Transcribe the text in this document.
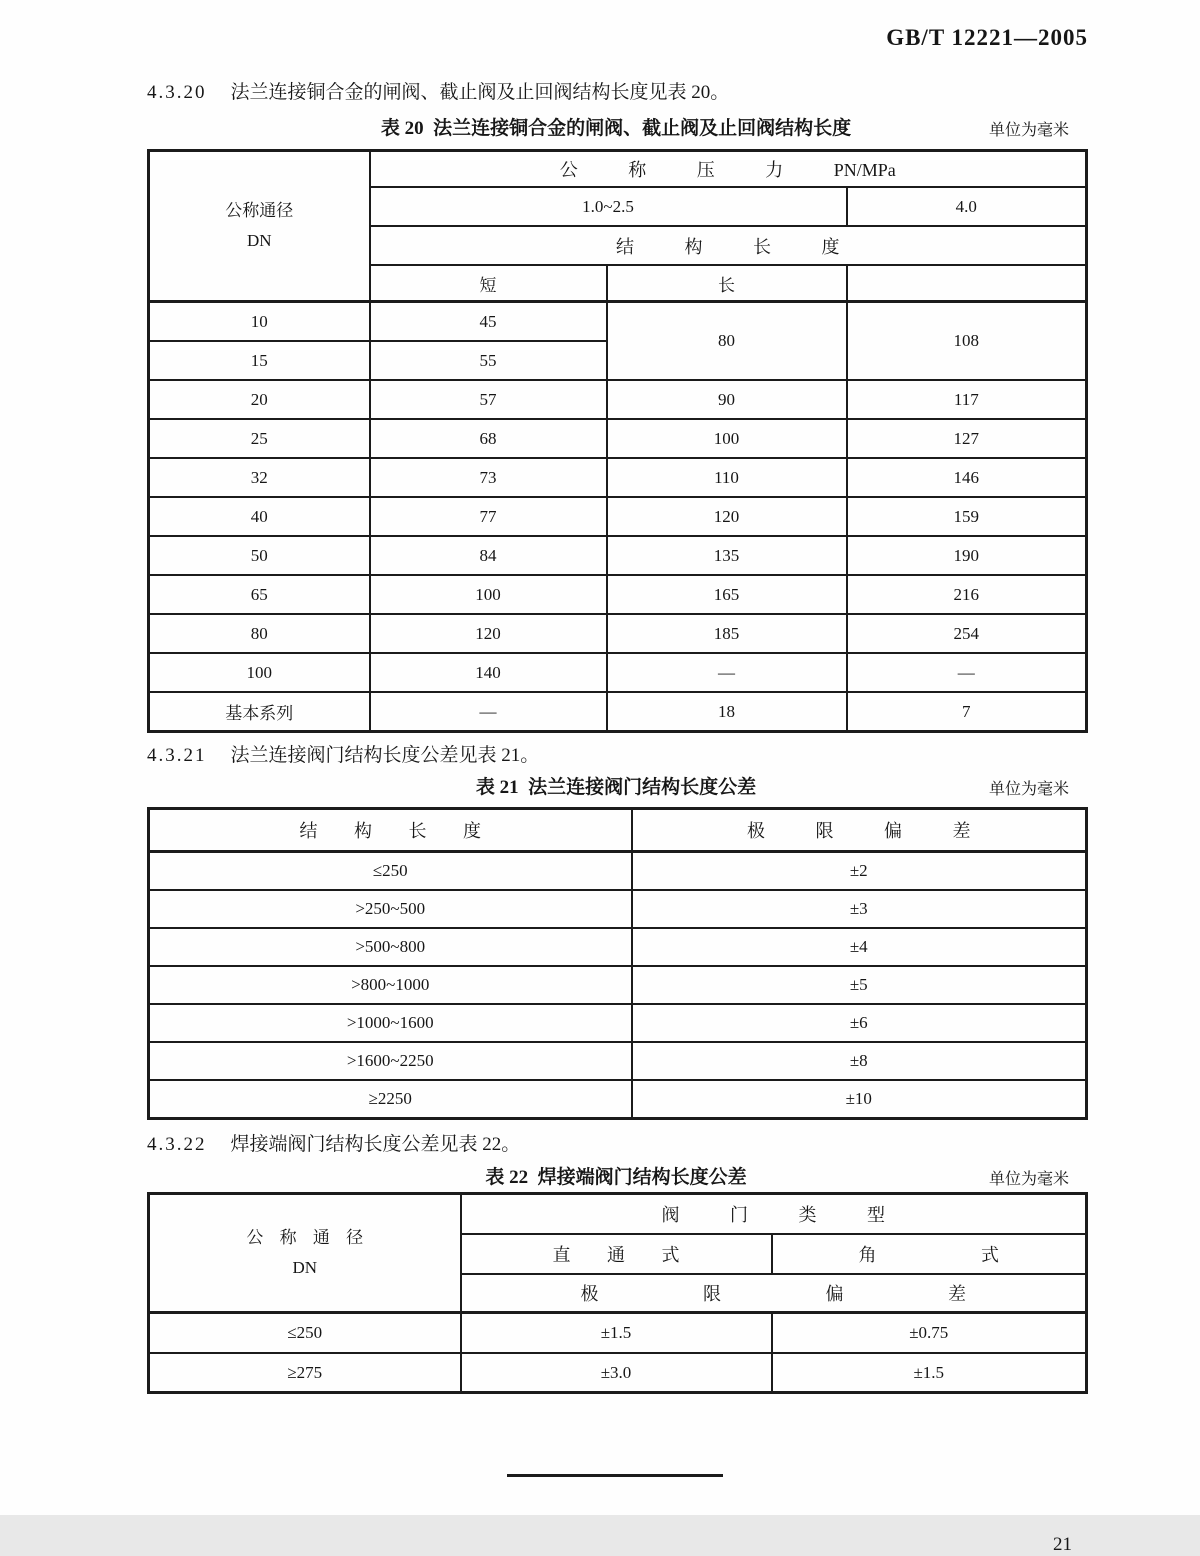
GB/T 12221—2005

4.3.20 法兰连接铜合金的闸阀、截止阀及止回阀结构长度见表 20。

表 20  法兰连接铜合金的闸阀、截止阀及止回阀结构长度	单位为毫米
公称通径
DN	公 称 压 力 PN/MPa		
	1.0~2.5		4.0
	结 构 长 度		
	短	长	
10	45	80	108
15	55		
20	57	90	117
25	68	100	127
32	73	110	146
40	77	120	159
50	84	135	190
65	100	165	216
80	120	185	254
100	140	—	—
基本系列	—	18	7

4.3.21 法兰连接阀门结构长度公差见表 21。

表 21  法兰连接阀门结构长度公差	单位为毫米
结 构 长 度	极 限 偏 差
≤250	±2
>250~500	±3
>500~800	±4
>800~1000	±5
>1000~1600	±6
>1600~2250	±8
≥2250	±10

4.3.22 焊接端阀门结构长度公差见表 22。

表 22  焊接端阀门结构长度公差	单位为毫米
公 称 通 径
DN	阀 门 类 型	
	直 通 式	角 式
	极 限 偏 差	
≤250	±1.5	±0.75
≥275	±3.0	±1.5
21
